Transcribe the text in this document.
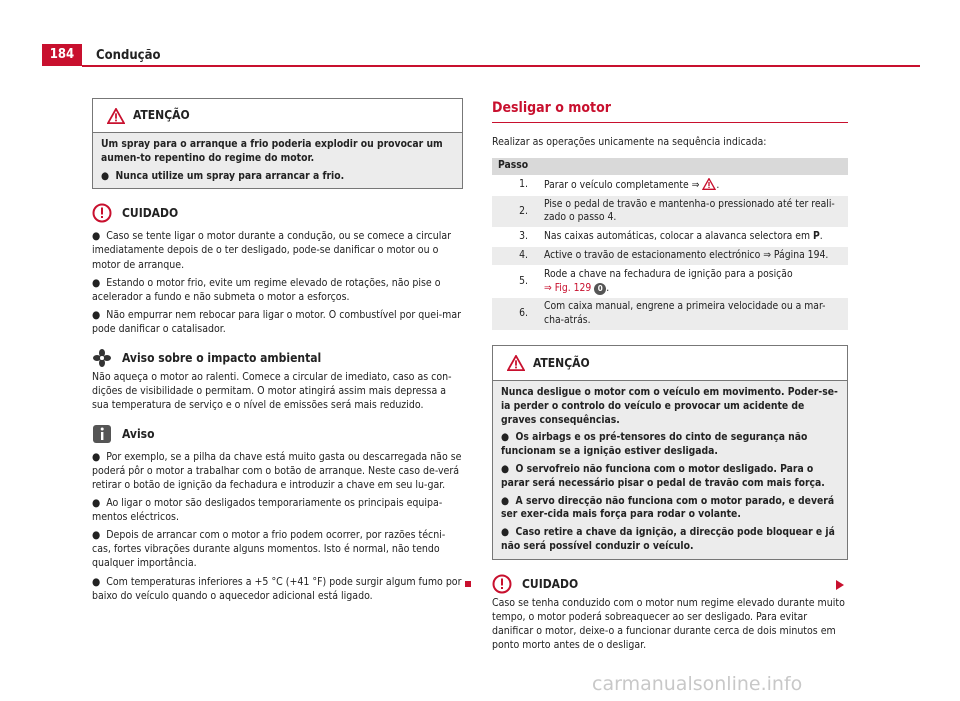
184	Condução
ATENÇÃO

Um spray para o arranque a frio poderia explodir ou provocar um aumen-to repentino do regime do motor.

● Nunca utilize um spray para arrancar a frio.

CUIDADO

● Caso se tente ligar o motor durante a condução, ou se comece a circular imediatamente depois de o ter desligado, pode-se danificar o motor ou o motor de arranque.

● Estando o motor frio, evite um regime elevado de rotações, não pise o acelerador a fundo e não submeta o motor a esforços.

● Não empurrar nem rebocar para ligar o motor. O combustível por quei-mar pode danificar o catalisador.

Aviso sobre o impacto ambiental

Não aqueça o motor ao ralenti. Comece a circular de imediato, caso as con-dições de visibilidade o permitam. O motor atingirá assim mais depressa a sua temperatura de serviço e o nível de emissões será mais reduzido.

Aviso

● Por exemplo, se a pilha da chave está muito gasta ou descarregada não se poderá pôr o motor a trabalhar com o botão de arranque. Neste caso de-verá retirar o botão de ignição da fechadura e introduzir a chave em seu lu-gar.

● Ao ligar o motor são desligados temporariamente os principais equipa-mentos eléctricos.

● Depois de arrancar com o motor a frio podem ocorrer, por razões técni-cas, fortes vibrações durante alguns momentos. Isto é normal, não tendo qualquer importância.

● Com temperaturas inferiores a +5 °C (+41 °F) pode surgir algum fumo por baixo do veículo quando o aquecedor adicional está ligado.

Desligar o motor

Realizar as operações unicamente na sequência indicada:

Passo	
1.	Parar o veículo completamente ⇒ .
2.	Pise o pedal de travão e mantenha-o pressionado até ter reali-zado o passo 4.
3.	Nas caixas automáticas, colocar a alavanca selectora em P.
4.	Active o travão de estacionamento electrónico ⇒ Página 194.
5.	Rode a chave na fechadura de ignição para a posição
⇒ Fig. 129 0 .
6.	Com caixa manual, engrene a primeira velocidade ou a mar-cha-atrás.
ATENÇÃO

Nunca desligue o motor com o veículo em movimento. Poder-se-ia perder o controlo do veículo e provocar um acidente de graves consequências.

● Os airbags e os pré-tensores do cinto de segurança não funcionam se a ignição estiver desligada.

● O servofreio não funciona com o motor desligado. Para o parar será necessário pisar o pedal de travão com mais força.

● A servo direcção não funciona com o motor parado, e deverá ser exer-cida mais força para rodar o volante.

● Caso retire a chave da ignição, a direcção pode bloquear e já não será possível conduzir o veículo.

CUIDADO

Caso se tenha conduzido com o motor num regime elevado durante muito tempo, o motor poderá sobreaquecer ao ser desligado. Para evitar danificar o motor, deixe-o a funcionar durante cerca de dois minutos em ponto morto antes de o desligar.

carmanualsonline.info
